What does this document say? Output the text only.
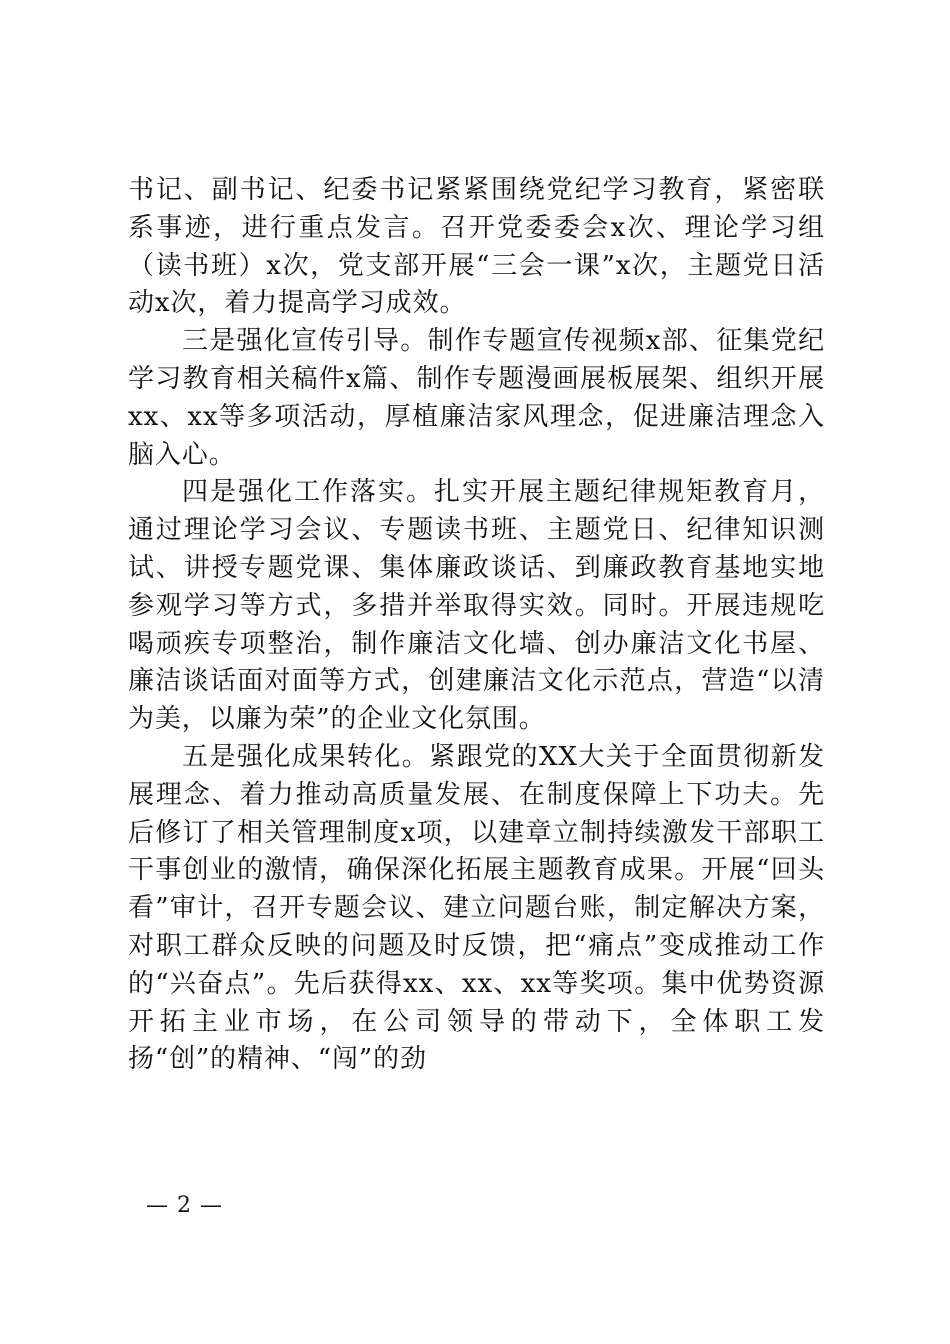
书记、副书记、纪委书记紧紧围绕党纪学习教育，紧密联系事迹，进行重点发言。召开党委委会x次、理论学习组（读书班）x次，党支部开展“三会一课”x次，主题党日活动x次，着力提高学习成效。

三是强化宣传引导。制作专题宣传视频x部、征集党纪学习教育相关稿件x篇、制作专题漫画展板展架、组织开展xx、xx等多项活动，厚植廉洁家风理念，促进廉洁理念入脑入心。

四是强化工作落实。扎实开展主题纪律规矩教育月，通过理论学习会议、专题读书班、主题党日、纪律知识测试、讲授专题党课、集体廉政谈话、到廉政教育基地实地参观学习等方式，多措并举取得实效。同时。开展违规吃喝顽疾专项整治，制作廉洁文化墙、创办廉洁文化书屋、廉洁谈话面对面等方式，创建廉洁文化示范点，营造“以清为美，以廉为荣”的企业文化氛围。

五是强化成果转化。紧跟党的XX大关于全面贯彻新发展理念、着力推动高质量发展、在制度保障上下功夫。先后修订了相关管理制度x项，以建章立制持续激发干部职工干事创业的激情，确保深化拓展主题教育成果。开展“回头看”审计，召开专题会议、建立问题台账，制定解决方案，对职工群众反映的问题及时反馈，把“痛点”变成推动工作的“兴奋点”。先后获得xx、xx、xx等奖项。集中优势资源开拓主业市场，在公司领导的带动下，全体职工发扬“创”的精神、“闯”的劲

— 2 —
